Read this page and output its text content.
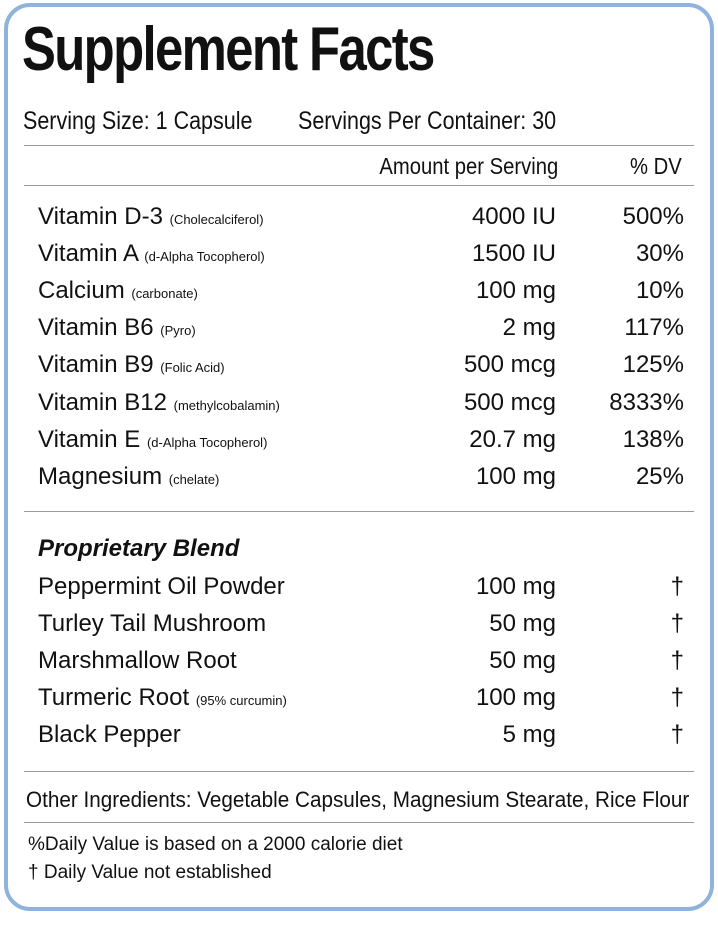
Supplement Facts
Serving Size: 1 Capsule Servings Per Container: 30
Amount per Serving	% DV
Vitamin D-3 (Cholecalciferol)	4000 IU	500%
Vitamin A (d-Alpha Tocopherol)	1500 IU	30%
Calcium (carbonate)	100 mg	10%
Vitamin B6 (Pyro)	2 mg	117%
Vitamin B9 (Folic Acid)	500 mcg	125%
Vitamin B12 (methylcobalamin)	500 mcg 8333%
Vitamin E (d-Alpha Tocopherol)	20.7 mg	138%
Magnesium (chelate)	100 mg	25%
Proprietary Blend
Peppermint Oil Powder	100 mg	†
Turley Tail Mushroom	50 mg	†
Marshmallow Root	50 mg	†
Turmeric Root (95% curcumin)	100 mg	†
Black Pepper	5 mg	†
Other Ingredients: Vegetable Capsules, Magnesium Stearate, Rice Flour
%Daily Value is based on a 2000 calorie diet
† Daily Value not established
